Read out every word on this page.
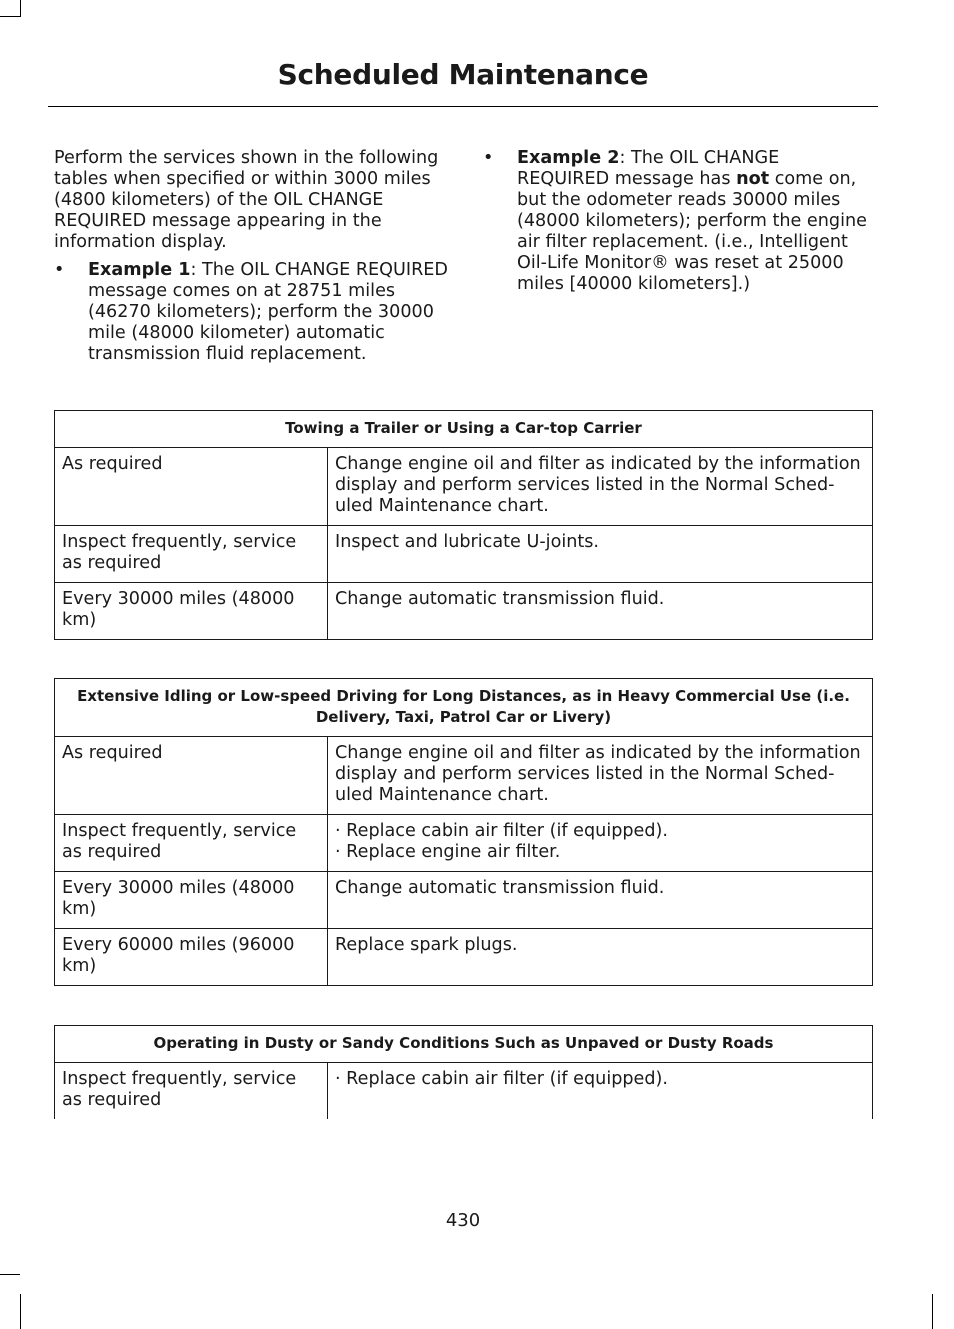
Scheduled Maintenance

Perform the services shown in the following tables when specified or within 3000 miles (4800 kilometers) of the OIL CHANGE REQUIRED message appearing in the information display.

• Example 1: The OIL CHANGE REQUIRED message comes on at 28751 miles (46270 kilometers); perform the 30000 mile (48000 kilometer) automatic transmission fluid replacement.
• Example 2: The OIL CHANGE REQUIRED message has not come on, but the odometer reads 30000 miles (48000 kilometers); perform the engine air filter replacement. (i.e., Intelligent Oil-Life Monitor® was reset at 25000 miles [40000 kilometers].)
Towing a Trailer or Using a Car-top Carrier	
As required	Change engine oil and filter as indicated by the information display and perform services listed in the Normal Sched-uled Maintenance chart.
Inspect frequently, service as required	Inspect and lubricate U-joints.
Every 30000 miles (48000 km)	Change automatic transmission fluid.
Extensive Idling or Low-speed Driving for Long Distances, as in Heavy Commercial Use (i.e. Delivery, Taxi, Patrol Car or Livery)	
As required	Change engine oil and filter as indicated by the information display and perform services listed in the Normal Sched-uled Maintenance chart.
Inspect frequently, service as required	· Replace cabin air filter (if equipped).
· Replace engine air filter.

Every 30000 miles (48000 km)	Change automatic transmission fluid.
Every 60000 miles (96000 km)	Replace spark plugs.
Operating in Dusty or Sandy Conditions Such as Unpaved or Dusty Roads
Inspect frequently, service as required	· Replace cabin air filter (if equipped).
430
